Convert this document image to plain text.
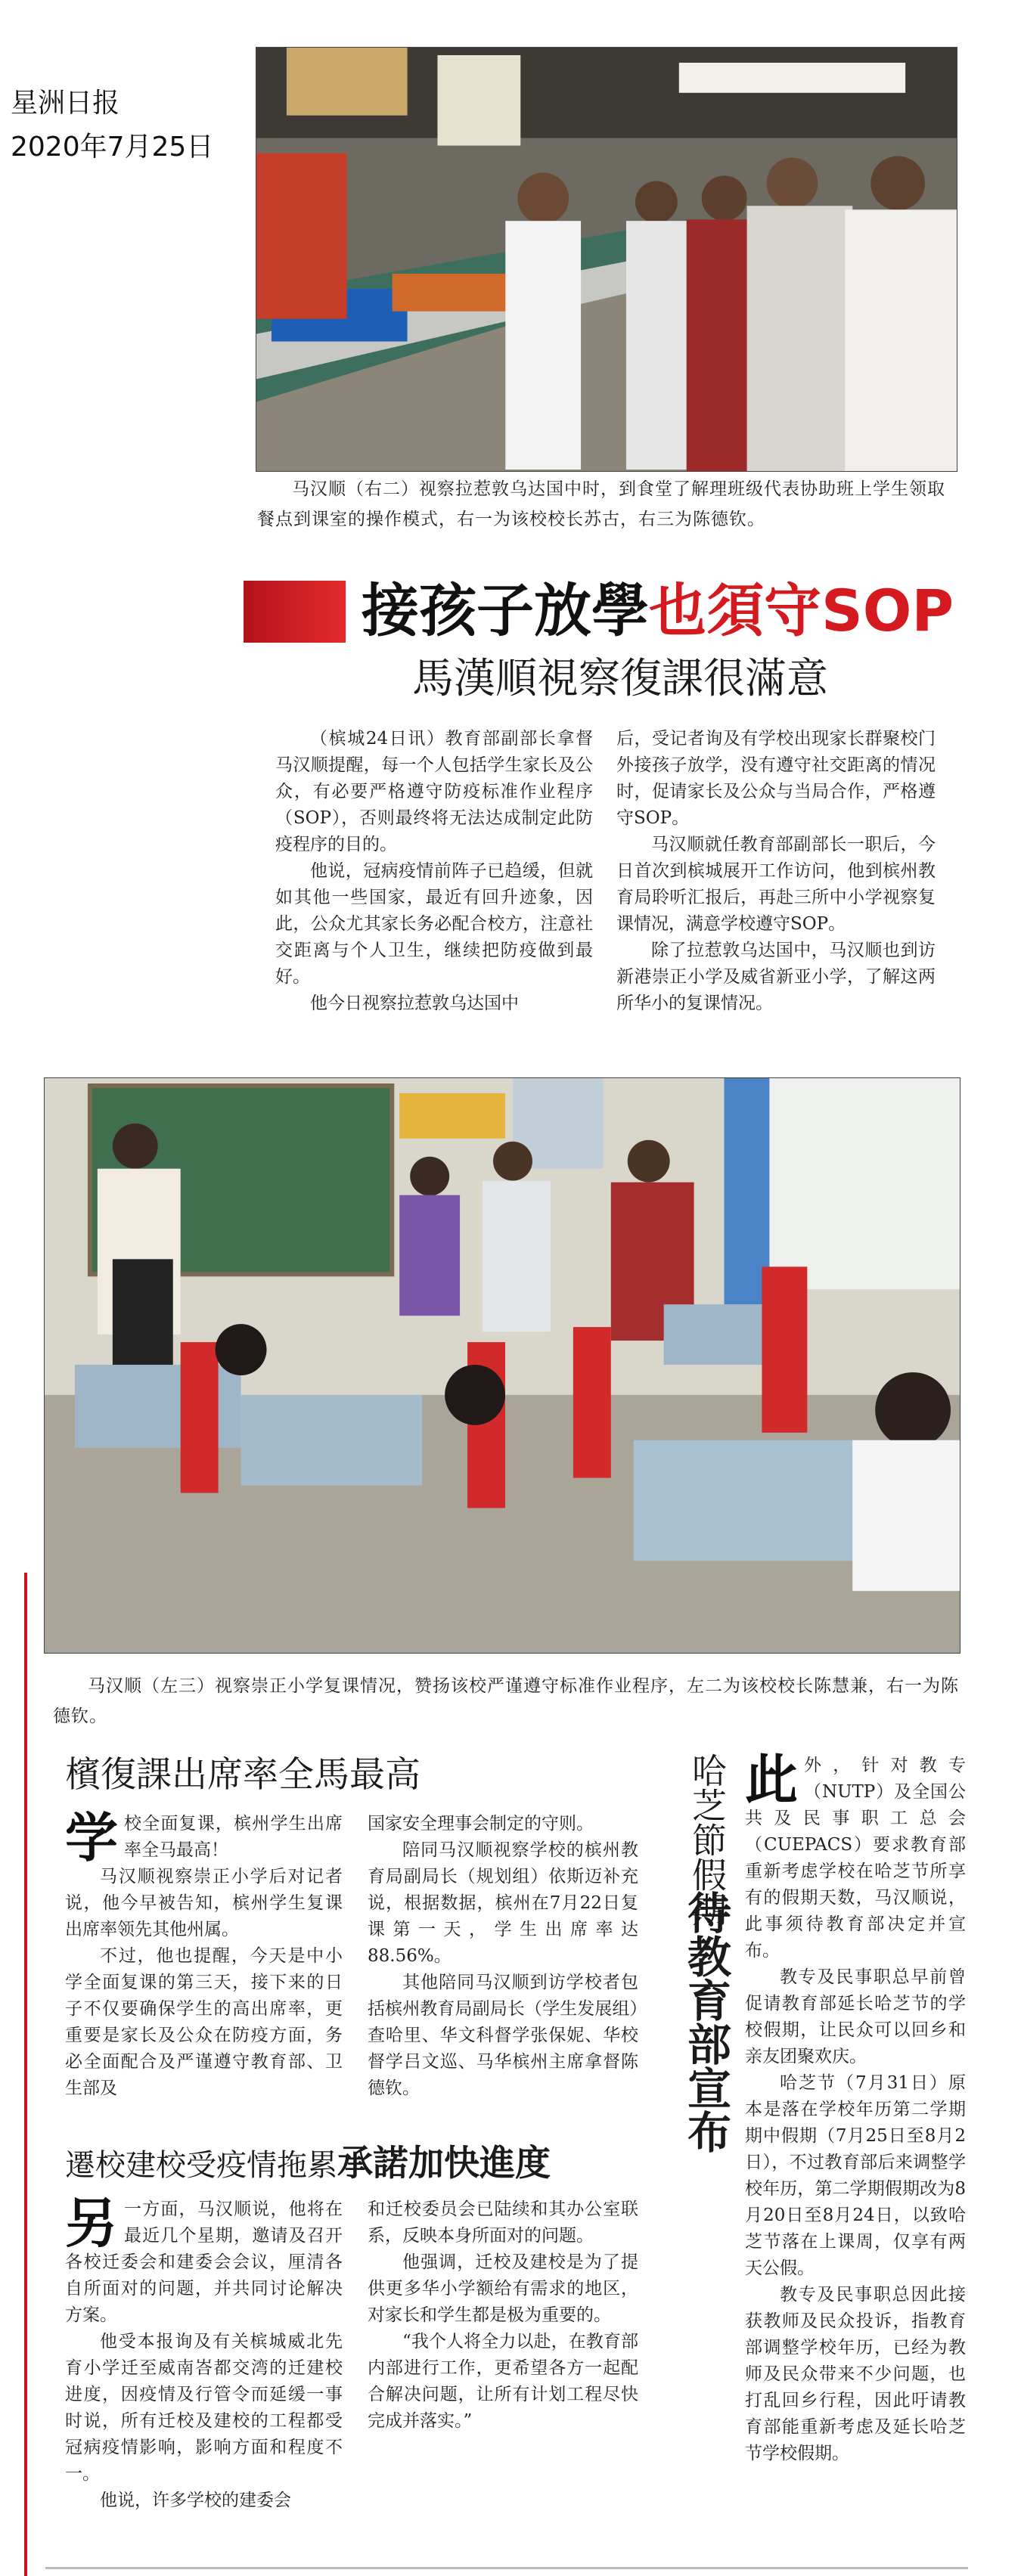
星洲日报
2020年7月25日
马汉顺（右二）视察拉惹敦乌达国中时，到食堂了解理班级代表协助班上学生领取餐点到课室的操作模式，右一为该校校长苏古，右三为陈德钦。
接孩子放學也須守SOP
馬漢順視察復課很滿意

（槟城24日讯）教育部副部长拿督马汉顺提醒，每一个人包括学生家长及公众，有必要严格遵守防疫标准作业程序（SOP），否则最终将无法达成制定此防疫程序的目的。

他说，冠病疫情前阵子已趋缓，但就如其他一些国家，最近有回升迹象，因此，公众尤其家长务必配合校方，注意社交距离与个人卫生，继续把防疫做到最好。

他今日视察拉惹敦乌达国中

后，受记者询及有学校出现家长群聚校门外接孩子放学，没有遵守社交距离的情况时，促请家长及公众与当局合作，严格遵守SOP。

马汉顺就任教育部副部长一职后，今日首次到槟城展开工作访问，他到槟州教育局聆听汇报后，再赴三所中小学视察复课情况，满意学校遵守SOP。

除了拉惹敦乌达国中，马汉顺也到访新港崇正小学及威省新亚小学，了解这两所华小的复课情况。

马汉顺（左三）视察崇正小学复课情况，赞扬该校严谨遵守标准作业程序，左二为该校校长陈慧兼，右一为陈德钦。
檳復課出席率全馬最高
学 校全面复课，槟州学生出席率全马最高！

马汉顺视察崇正小学后对记者说，他今早被告知，槟州学生复课出席率领先其他州属。

不过，他也提醒，今天是中小学全面复课的第三天，接下来的日子不仅要确保学生的高出席率，更重要是家长及公众在防疫方面，务必全面配合及严谨遵守教育部、卫生部及

国家安全理事会制定的守则。

陪同马汉顺视察学校的槟州教育局副局长（规划组）依斯迈补充说，根据数据，槟州在7月22日复课第一天，学生出席率达88.56%。

其他陪同马汉顺到访学校者包括槟州教育局副局长（学生发展组）查哈里、华文科督学张保妮、华校督学吕文巡、马华槟州主席拿督陈德钦。

遷校建校受疫情拖累承諾加快進度
另 一方面，马汉顺说，他将在最近几个星期，邀请及召开各校迁委会和建委会会议，厘清各自所面对的问题，并共同讨论解决方案。

他受本报询及有关槟城威北先育小学迁至威南峇都交湾的迁建校进度，因疫情及行管令而延缓一事时说，所有迁校及建校的工程都受冠病疫情影响，影响方面和程度不一。

他说，许多学校的建委会

和迁校委员会已陆续和其办公室联系，反映本身所面对的问题。

他强调，迁校及建校是为了提供更多华小学额给有需求的地区，对家长和学生都是极为重要的。

“我个人将全力以赴，在教育部内部进行工作，更希望各方一起配合解决问题，让所有计划工程尽快完成并落实。”

哈芝節假期
待教育部宣布
此 外，针对教专（NUTP）及全国公共及民事职工总会（CUEPACS）要求教育部重新考虑学校在哈芝节所享有的假期天数，马汉顺说，此事须待教育部决定并宣布。

教专及民事职总早前曾促请教育部延长哈芝节的学校假期，让民众可以回乡和亲友团聚欢庆。

哈芝节（7月31日）原本是落在学校年历第二学期期中假期（7月25日至8月2日），不过教育部后来调整学校年历，第二学期假期改为8月20日至8月24日，以致哈芝节落在上课周，仅享有两天公假。

教专及民事职总因此接获教师及民众投诉，指教育部调整学校年历，已经为教师及民众带来不少问题，也打乱回乡行程，因此吁请教育部能重新考虑及延长哈芝节学校假期。
